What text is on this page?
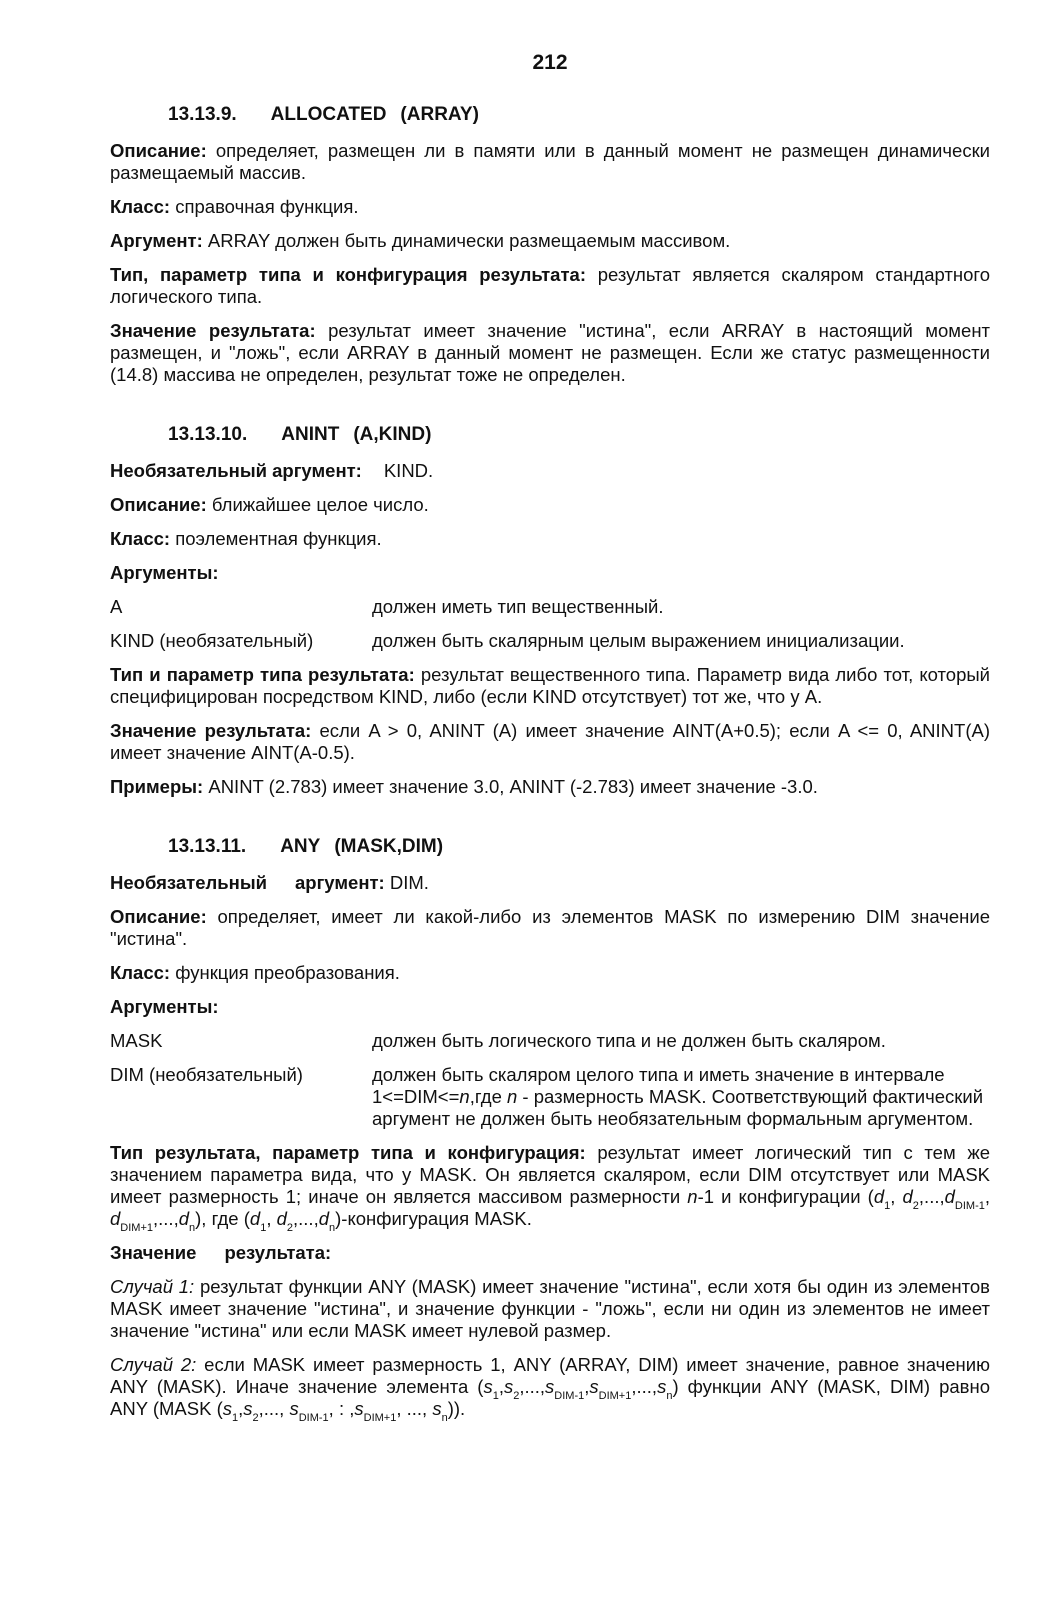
212
13.13.9. ALLOCATED (ARRAY)

Описание: определяет, размещен ли в памяти или в данный момент не размещен динамически размещаемый массив.

Класс: справочная функция.

Аргумент: ARRAY должен быть динамически размещаемым массивом.

Тип, параметр типа и конфигурация результата: результат является скаляром стандартного логического типа.

Значение результата: результат имеет значение "истина", если ARRAY в настоящий момент размещен, и "ложь", если ARRAY в данный момент не размещен. Если же статус размещенности (14.8) массива не определен, результат тоже не определен.

13.13.10. ANINT (A,KIND)

Необязательный аргумент: KIND.

Описание: ближайшее целое число.

Класс: поэлементная функция.

Аргументы:

A	должен иметь тип вещественный.
KIND (необязательный)	должен быть скалярным целым выражением инициализации.

Тип и параметр типа результата: результат вещественного типа. Параметр вида либо тот, который специфицирован посредством KIND, либо (если KIND отсутствует) тот же, что у A.

Значение результата: если A > 0, ANINT (A) имеет значение AINT(A+0.5); если A <= 0, ANINT(A) имеет значение AINT(A-0.5).

Примеры: ANINT (2.783) имеет значение 3.0, ANINT (-2.783) имеет значение -3.0.

13.13.11. ANY (MASK,DIM)

Необязательный аргумент: DIM.

Описание: определяет, имеет ли какой-либо из элементов MASK по измерению DIM значение "истина".

Класс: функция преобразования.

Аргументы:

MASK	должен быть логического типа и не должен быть скаляром.
DIM (необязательный)	должен быть скаляром целого типа и иметь значение в интервале 1<=DIM<=n,где n - размерность MASK. Соответствующий фактический аргумент не должен быть необязательным формальным аргументом.

Тип результата, параметр типа и конфигурация: результат имеет логический тип с тем же значением параметра вида, что у MASK. Он является скаляром, если DIM отсутствует или MASK имеет размерность 1; иначе он является массивом размерности n-1 и конфигурации ($d_1$, $d_2,...,d_{DIM-1}$, $d_{DIM+1},...,d_n$), где ($d_1$, $d_2,...,d_n$)-конфигурация MASK.

Значение результата:

Случай 1: результат функции ANY (MASK) имеет значение "истина", если хотя бы один из элементов MASK имеет значение "истина", и значение функции - "ложь", если ни один из элементов не имеет значение "истина" или если MASK имеет нулевой размер.

Случай 2: если MASK имеет размерность 1, ANY (ARRAY, DIM) имеет значение, равное значению ANY (MASK). Иначе значение элемента $(s_1,s_2,...,s_{DIM-1},s_{DIM+1},...,s_n)$ функции ANY (MASK, DIM) равно ANY (MASK ($s_1,s_2$,..., $s_{DIM-1}$, : $,s_{DIM+1}$, ..., $s_n$)).
